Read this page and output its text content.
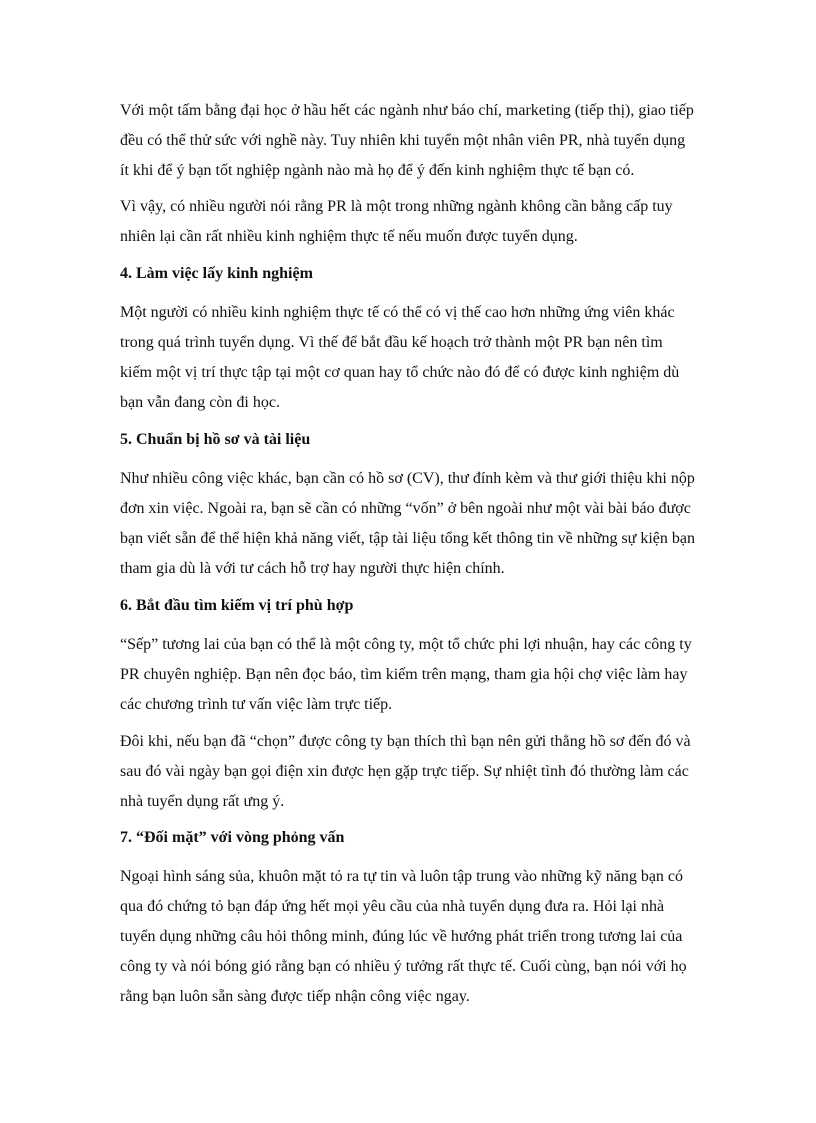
Với một tấm bằng đại học ở hầu hết các ngành như báo chí, marketing (tiếp thị), giao tiếp
đều có thể thử sức với nghề này. Tuy nhiên khi tuyển một nhân viên PR, nhà tuyển dụng
ít khi để ý bạn tốt nghiệp ngành nào mà họ để ý đến kinh nghiệm thực tế bạn có.
Vì vậy, có nhiều người nói rằng PR là một trong những ngành không cần bằng cấp tuy
nhiên lại cần rất nhiều kinh nghiệm thực tế nếu muốn được tuyển dụng.
4. Làm việc lấy kinh nghiệm
Một người có nhiều kinh nghiệm thực tế có thể có vị thế cao hơn những ứng viên khác
trong quá trình tuyển dụng. Vì thế để bắt đầu kế hoạch trở thành một PR bạn nên tìm
kiếm một vị trí thực tập tại một cơ quan hay tổ chức nào đó để có được kinh nghiệm dù
bạn vẫn đang còn đi học.
5. Chuẩn bị hồ sơ và tài liệu
Như nhiều công việc khác, bạn cần có hồ sơ (CV), thư đính kèm và thư giới thiệu khi nộp
đơn xin việc. Ngoài ra, bạn sẽ cần có những “vốn” ở bên ngoài như một vài bài báo được
bạn viết sẵn để thể hiện khả năng viết, tập tài liệu tổng kết thông tin về những sự kiện bạn
tham gia dù là với tư cách hỗ trợ hay người thực hiện chính.
6. Bắt đầu tìm kiếm vị trí phù hợp
“Sếp” tương lai của bạn có thể là một công ty, một tổ chức phi lợi nhuận, hay các công ty
PR chuyên nghiệp. Bạn nên đọc báo, tìm kiếm trên mạng, tham gia hội chợ việc làm hay
các chương trình tư vấn việc làm trực tiếp.
Đôi khi, nếu bạn đã “chọn” được công ty bạn thích thì bạn nên gửi thẳng hồ sơ đến đó và
sau đó vài ngày bạn gọi điện xin được hẹn gặp trực tiếp. Sự nhiệt tình đó thường làm các
nhà tuyển dụng rất ưng ý.
7. “Đối mặt” với vòng phỏng vấn
Ngoại hình sáng sủa, khuôn mặt tỏ ra tự tin và luôn tập trung vào những kỹ năng bạn có
qua đó chứng tỏ bạn đáp ứng hết mọi yêu cầu của nhà tuyển dụng đưa ra. Hỏi lại nhà
tuyển dụng những câu hỏi thông minh, đúng lúc về hướng phát triển trong tương lai của
công ty và nói bóng gió rằng bạn có nhiều ý tưởng rất thực tế. Cuối cùng, bạn nói với họ
rằng bạn luôn sẵn sàng được tiếp nhận công việc ngay.
